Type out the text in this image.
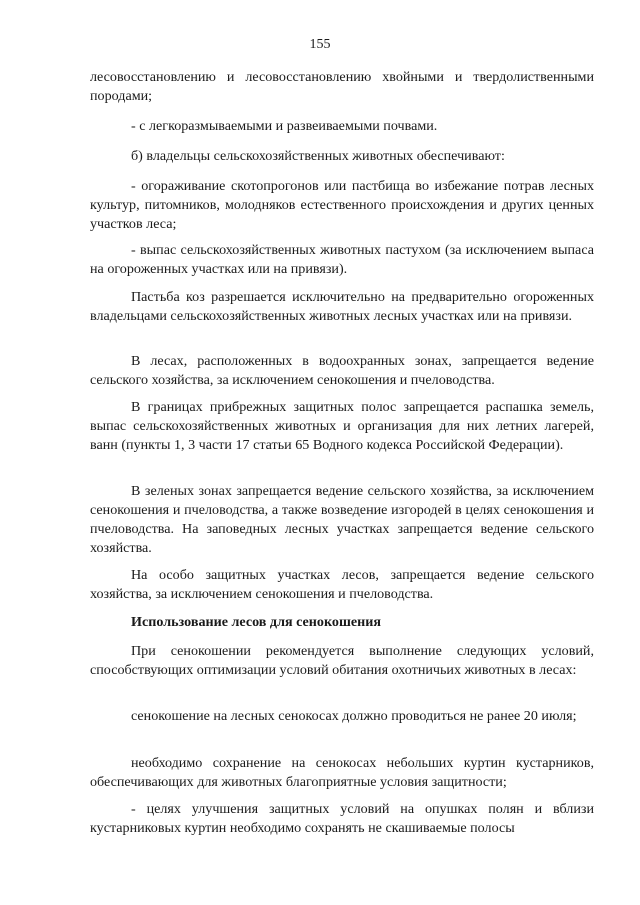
155
лесовосстановлению и лесовосстановлению хвойными и твердолиственными породами;
- с легкоразмываемыми и развеиваемыми почвами.
б) владельцы сельскохозяйственных животных обеспечивают:
- огораживание скотопрогонов или пастбища во избежание потрав лесных культур, питомников, молодняков естественного происхождения и других ценных участков леса;
- выпас сельскохозяйственных животных пастухом (за исключением выпаса на огороженных участках или на привязи).
Пастьба коз разрешается исключительно на предварительно огороженных владельцами сельскохозяйственных животных лесных участках или на привязи.
В лесах, расположенных в водоохранных зонах, запрещается ведение сельского хозяйства, за исключением сенокошения и пчеловодства.
В границах прибрежных защитных полос запрещается распашка земель, выпас сельскохозяйственных животных и организация для них летних лагерей, ванн (пункты 1, 3 части 17 статьи 65 Водного кодекса Российской Федерации).
В зеленых зонах запрещается ведение сельского хозяйства, за исключением сенокошения и пчеловодства, а также возведение изгородей в целях сенокошения и пчеловодства. На заповедных лесных участках запрещается ведение сельского хозяйства.
На особо защитных участках лесов, запрещается ведение сельского хозяйства, за исключением сенокошения и пчеловодства.
Использование лесов для сенокошения
При сенокошении рекомендуется выполнение следующих условий, способствующих оптимизации условий обитания охотничьих животных в лесах:
сенокошение на лесных сенокосах должно проводиться не ранее 20 июля;
необходимо сохранение на сенокосах небольших куртин кустарников, обеспечивающих для животных благоприятные условия защитности;
- целях улучшения защитных условий на опушках полян и вблизи кустарниковых куртин необходимо сохранять не скашиваемые полосы
